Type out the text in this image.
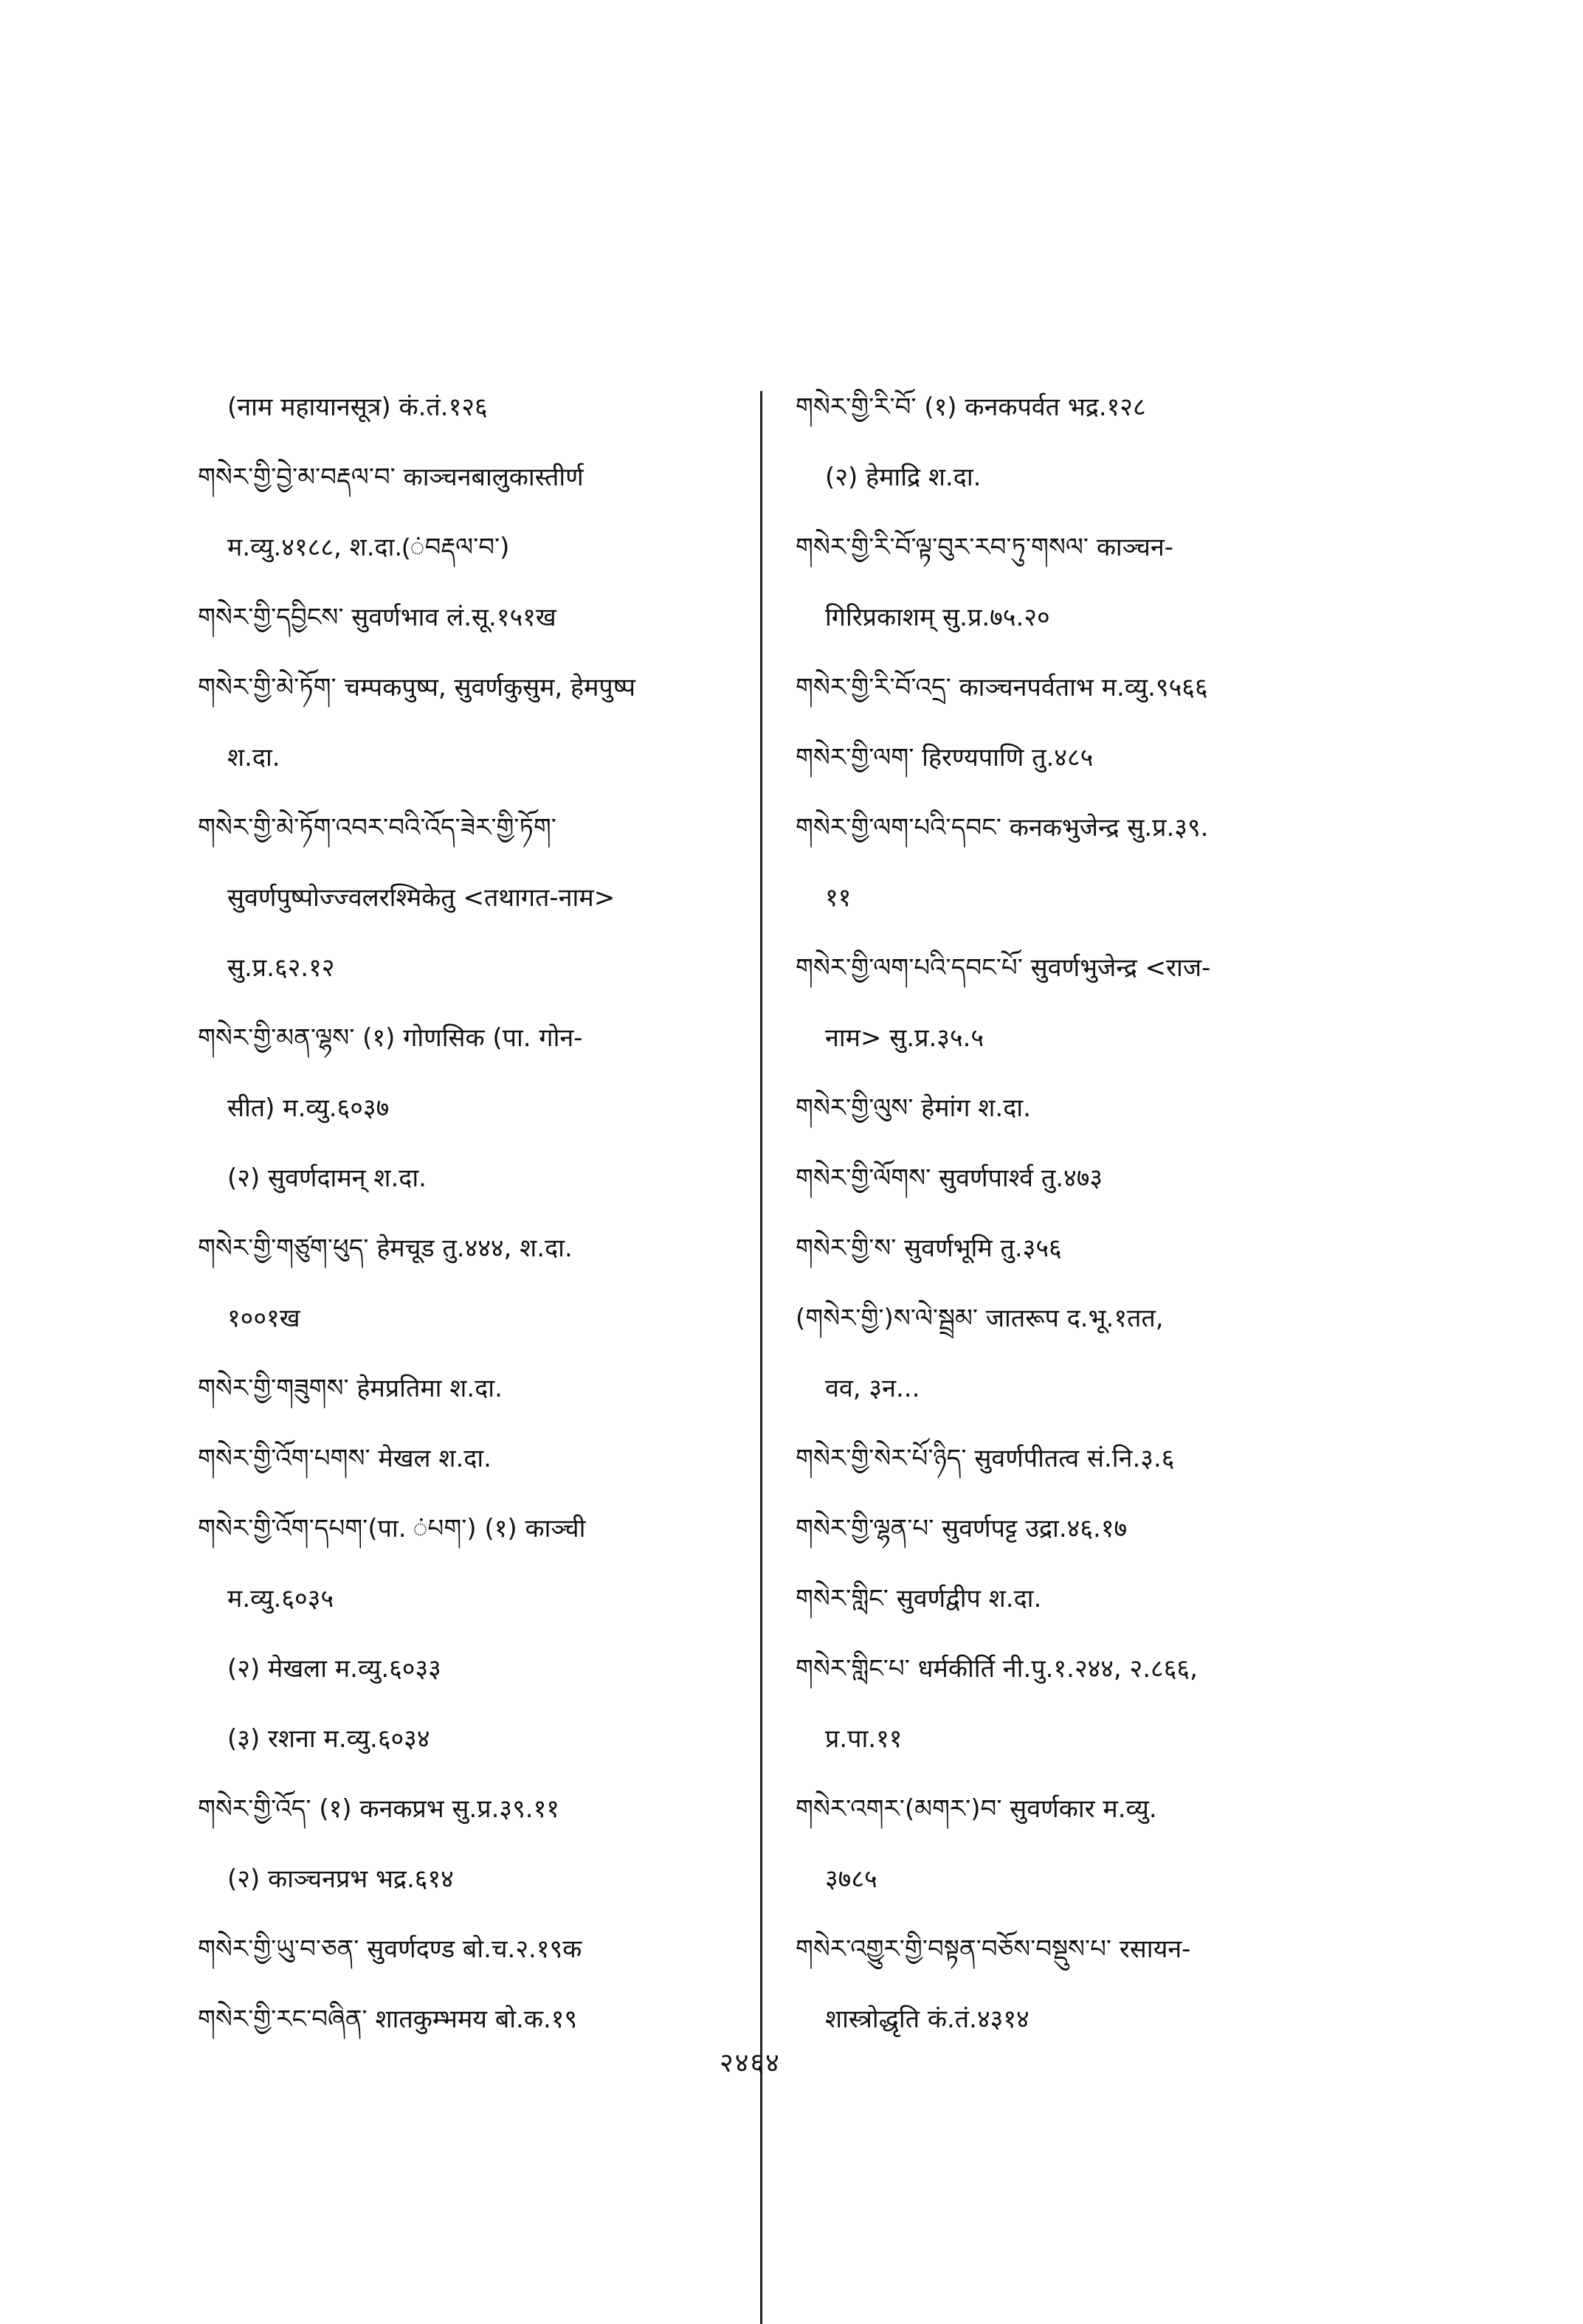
(नाम महायानसूत्र) कं.तं.१२६
གསེར་གྱི་བྱེ་མ་བརྡལ་བ་ काञ्चनबालुकास्तीर्ण
म.व्यु.४१८८, श.दा.(ंབརྡལ་བ་)
གསེར་གྱི་དབྱིངས་ सुवर्णभाव लं.सू.१५१ख
གསེར་གྱི་མེ་ཏོག་ चम्पकपुष्प, सुवर्णकुसुम, हेमपुष्प
श.दा.
གསེར་གྱི་མེ་ཏོག་འབར་བའི་འོད་ཟེར་གྱི་ཏོག་
सुवर्णपुष्पोज्ज्वलरश्मिकेतु <तथागत-नाम>
सु.प्र.६२.१२
གསེར་གྱི་མན་ལྷས་ (१) गोणसिक (पा. गोन-
सीत) म.व्यु.६०३७
(२) सुवर्णदामन् श.दा.
གསེར་གྱི་གཙུག་ཕུད་ हेमचूड तु.४४४, श.दा.
१००१ख
གསེར་གྱི་གཟུགས་ हेमप्रतिमा श.दा.
གསེར་གྱི་འོག་པགས་ मेखल श.दा.
གསེར་གྱི་འོག་དཔག་(पा. ंཔག་) (१) काञ्ची
म.व्यु.६०३५
(२) मेखला म.व्यु.६०३३
(३) रशना म.व्यु.६०३४
གསེར་གྱི་འོད་ (१) कनकप्रभ सु.प्र.३९.११
(२) काञ्चनप्रभ भद्र.६१४
གསེར་གྱི་ཡུ་བ་ཅན་ सुवर्णदण्ड बो.च.२.१९क
གསེར་གྱི་རང་བཞིན་ शातकुम्भमय बो.क.१९
གསེར་གྱི་རི་བོ་ (१) कनकपर्वत भद्र.१२८
(२) हेमाद्रि श.दा.
གསེར་གྱི་རི་བོ་ལྟ་བུར་རབ་ཏུ་གསལ་ काञ्चन-
गिरिप्रकाशम् सु.प्र.७५.२०
གསེར་གྱི་རི་བོ་འདྲ་ काञ्चनपर्वताभ म.व्यु.९५६६
གསེར་གྱི་ལག་ हिरण्यपाणि तु.४८५
གསེར་གྱི་ལག་པའི་དབང་ कनकभुजेन्द्र सु.प्र.३९.
११
གསེར་གྱི་ལག་པའི་དབང་པོ་ सुवर्णभुजेन्द्र <राज-
नाम> सु.प्र.३५.५
གསེར་གྱི་ལུས་ हेमांग श.दा.
གསེར་གྱི་ལོགས་ सुवर्णपार्श्व तु.४७३
གསེར་གྱི་ས་ सुवर्णभूमि तु.३५६
(གསེར་གྱི་)ས་ལེ་སྦྲམ་ जातरूप द.भू.१तत,
वव, ३न...
གསེར་གྱི་སེར་པོ་ཉིད་ सुवर्णपीतत्व सं.नि.३.६
གསེར་གྱི་ལྷན་པ་ सुवर्णपट्ट उद्रा.४६.१७
གསེར་གླིང་ सुवर्णद्वीप श.दा.
གསེར་གླིང་པ་ धर्मकीर्ति नी.पु.१.२४४, २.८६६,
प्र.पा.११
གསེར་འགར་(མགར་)བ་ सुवर्णकार म.व्यु.
३७८५
གསེར་འགྱུར་གྱི་བསྟན་བཅོས་བསྡུས་པ་ रसायन-
शास्त्रोद्धृति कं.तं.४३१४
२४६४
